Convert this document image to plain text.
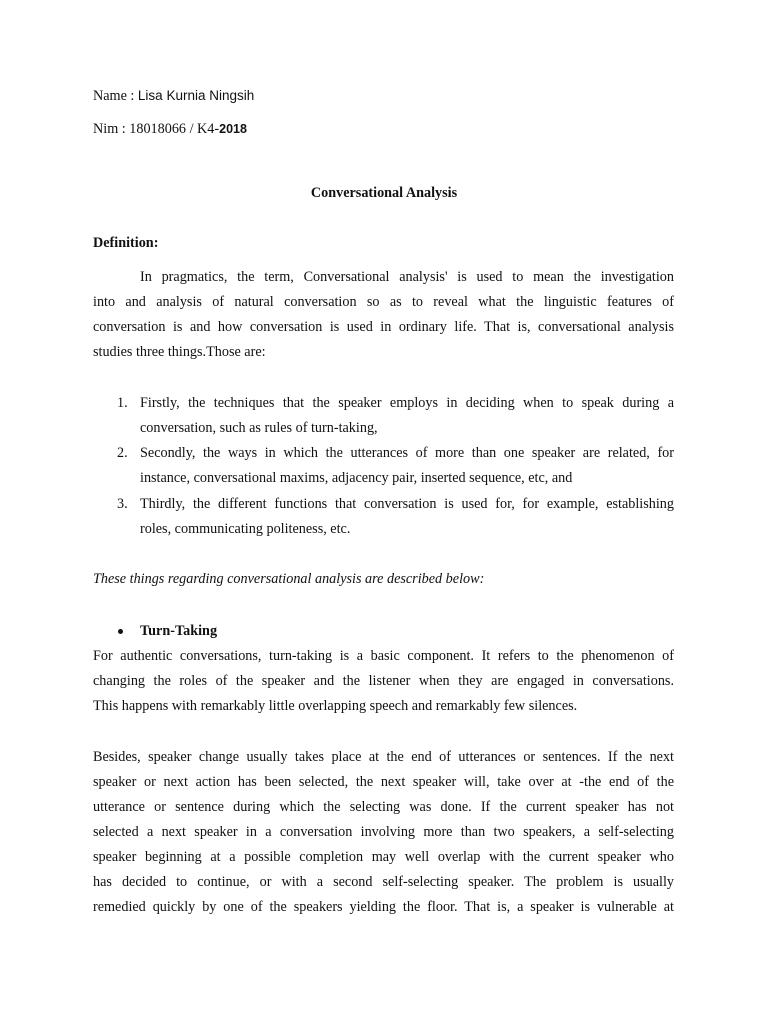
Name : Lisa Kurnia Ningsih
Nim : 18018066 / K4-2018
Conversational Analysis
Definition:
In pragmatics, the term, Conversational analysis' is used to mean the investigation
into and analysis of natural conversation so as to reveal what the linguistic features of
conversation is and how conversation is used in ordinary life. That is, conversational analysis
studies three things.Those are:
1. Firstly, the techniques that the speaker employs in deciding when to speak during a
conversation, such as rules of turn-taking,
2. Secondly, the ways in which the utterances of more than one speaker are related, for
instance, conversational maxims, adjacency pair, inserted sequence, etc, and
3. Thirdly, the different functions that conversation is used for, for example, establishing
roles, communicating politeness, etc.
These things regarding conversational analysis are described below:
Turn-Taking
For authentic conversations, turn-taking is a basic component. It refers to the phenomenon of
changing the roles of the speaker and the listener when they are engaged in conversations.
This happens with remarkably little overlapping speech and remarkably few silences.
Besides, speaker change usually takes place at the end of utterances or sentences. If the next
speaker or next action has been selected, the next speaker will, take over at -the end of the
utterance or sentence during which the selecting was done. If the current speaker has not
selected a next speaker in a conversation involving more than two speakers, a self-selecting
speaker beginning at a possible completion may well overlap with the current speaker who
has decided to continue, or with a second self-selecting speaker. The problem is usually
remedied quickly by one of the speakers yielding the floor. That is, a speaker is vulnerable at
